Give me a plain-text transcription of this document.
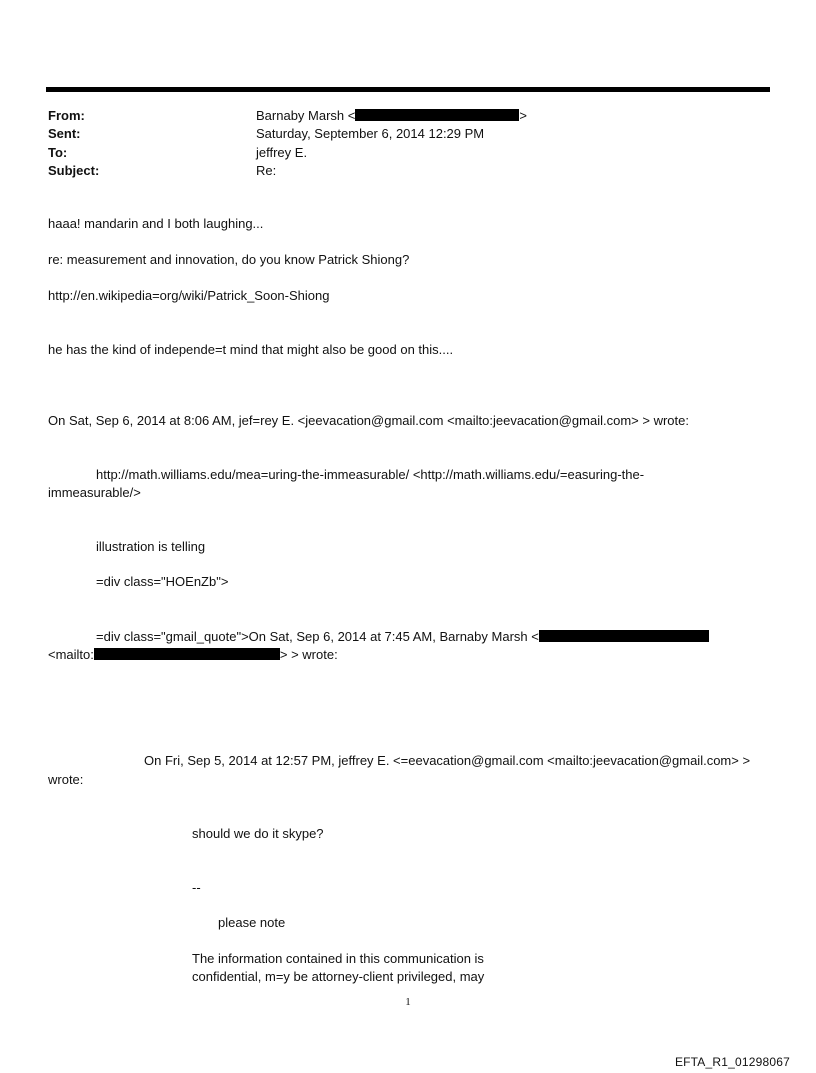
From:	Barnaby Marsh <	>
Sent:	Saturday, September 6, 2014 12:29 PM
To:	jeffrey E.
Subject:	Re:
haaa! mandarin and I both laughing...
re: measurement and innovation, do you know Patrick Shiong?
http://en.wikipedia=org/wiki/Patrick_Soon-Shiong
he has the kind of independe=t mind that might also be good on this....
On Sat, Sep 6, 2014 at 8:06 AM, jef=rey E. <jeevacation@gmail.com <mailto:jeevacation@gmail.com> > wrote:
http://math.williams.edu/mea=uring-the-immeasurable/ <http://math.williams.edu/=easuring-the-
immeasurable/>
illustration is telling
=div class="HOEnZb">
=div class="gmail_quote">On Sat, Sep 6, 2014 at 7:45 AM, Barnaby Marsh <
<mailto:	> > wrote:
On Fri, Sep 5, 2014 at 12:57 PM, jeffrey E. <=eevacation@gmail.com <mailto:jeevacation@gmail.com> >
wrote:
should we do it skype?
--
please note
The information contained in this communication is
confidential, m=y be attorney-client privileged, may
1
EFTA_R1_01298067
